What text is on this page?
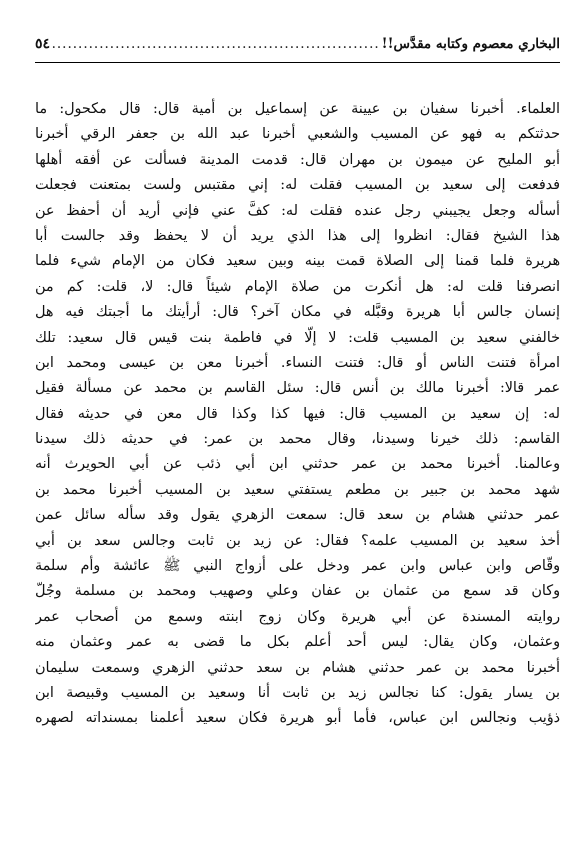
البخاري معصوم وكتابه مقدَّس!!
.....
٥٤
العلماء. أخبرنا سفيان بن عيينة عن إسماعيل بن أمية قال: قال مكحول: ما
حدثتكم به فهو عن المسيب والشعبي أخبرنا عبد الله بن جعفر الرقي أخبرنا
أبو المليح عن ميمون بن مهران قال: قدمت المدينة فسألت عن أفقه أهلها
فدفعت إلى سعيد بن المسيب فقلت له: إني مقتبس ولست بمتعنت فجعلت
أسأله وجعل يجيبني رجل عنده فقلت له: كفَّ عني فإني أريد أن أحفظ عن
هذا الشيخ فقال: انظروا إلى هذا الذي يريد أن لا يحفظ وقد جالست أبا
هريرة فلما قمنا إلى الصلاة قمت بينه وبين سعيد فكان من الإمام شيء فلما
انصرفنا قلت له: هل أنكرت من صلاة الإمام شيئاً قال: لا، قلت: كم من
إنسان جالس أبا هريرة وقبَّله في مكان آخر؟ قال: أرأيتك ما أجبتك فيه هل
خالفني سعيد بن المسيب قلت: لا إلّا في فاطمة بنت قيس قال سعيد: تلك
امرأة فتنت الناس أو قال: فتنت النساء. أخبرنا معن بن عيسى ومحمد ابن
عمر قالا: أخبرنا مالك بن أنس قال: سئل القاسم بن محمد عن مسألة فقيل
له: إن سعيد بن المسيب قال: فيها كذا وكذا قال معن في حديثه فقال
القاسم: ذلك خيرنا وسيدنا، وقال محمد بن عمر: في حديثه ذلك سيدنا
وعالمنا. أخبرنا محمد بن عمر حدثني ابن أبي ذئب عن أبي الحويرث أنه
شهد محمد بن جبير بن مطعم يستفتي سعيد بن المسيب أخبرنا محمد بن
عمر حدثني هشام بن سعد قال: سمعت الزهري يقول وقد سأله سائل عمن
أخذ سعيد بن المسيب علمه؟ فقال: عن زيد بن ثابت وجالس سعد بن أبي
وقّاص وابن عباس وابن عمر ودخل على أزواج النبي ﷺ عائشة وأم سلمة
وكان قد سمع من عثمان بن عفان وعلي وصهيب ومحمد بن مسلمة وجُلّ
روايته المسندة عن أبي هريرة وكان زوج ابنته وسمع من أصحاب عمر
وعثمان، وكان يقال: ليس أحد أعلم بكل ما قضى به عمر وعثمان منه
أخبرنا محمد بن عمر حدثني هشام بن سعد حدثني الزهري وسمعت سليمان
بن يسار يقول: كنا نجالس زيد بن ثابت أنا وسعيد بن المسيب وقبيصة ابن
ذؤيب ونجالس ابن عباس، فأما أبو هريرة فكان سعيد أعلمنا بمسنداته لصهره
